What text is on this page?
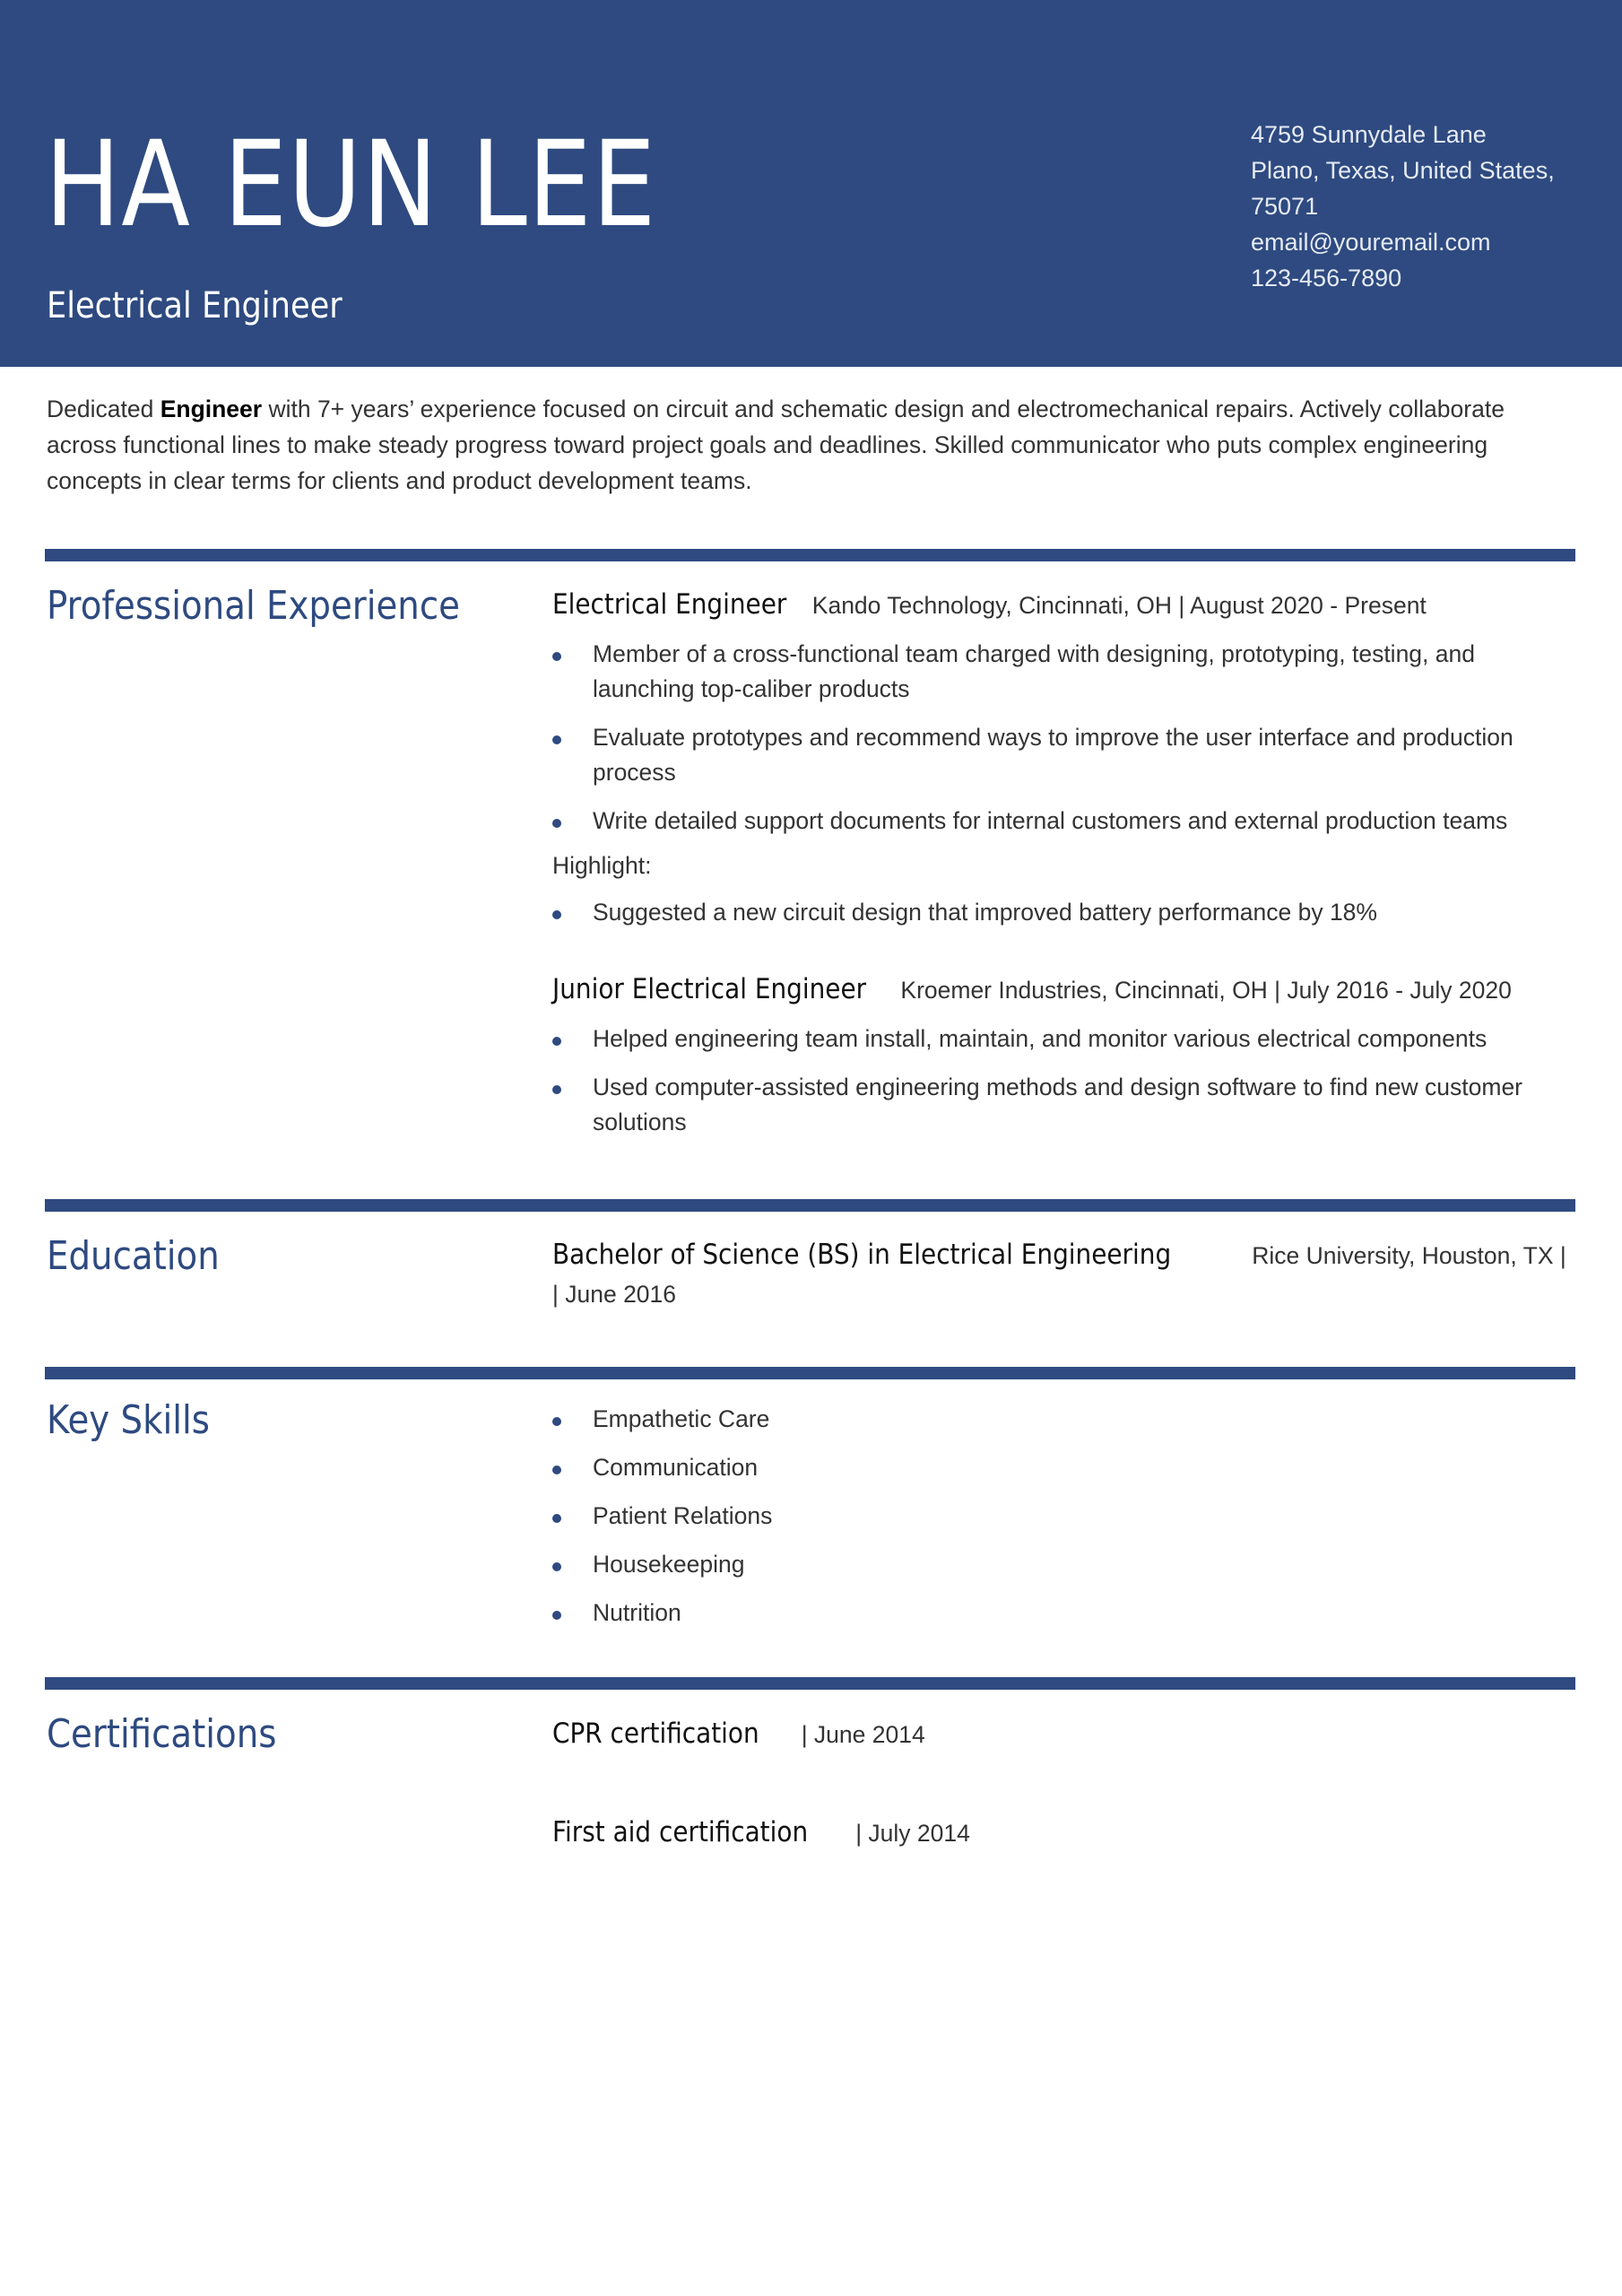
HA EUN LEE
Electrical Engineer
4759 Sunnydale Lane
Plano, Texas, United States,
75071
email@youremail.com
123-456-7890
Dedicated Engineer with 7+ years’ experience focused on circuit and schematic design and electromechanical repairs. Actively collaborate across functional lines to make steady progress toward project goals and deadlines. Skilled communicator who puts complex engineering concepts in clear terms for clients and product development teams.
Professional Experience	Electrical Engineer Kando Technology, Cincinnati, OH | August 2020 - Present
Member of a cross-functional team charged with designing, prototyping, testing, and launching top-caliber products
Evaluate prototypes and recommend ways to improve the user interface and production process
Write detailed support documents for internal customers and external production teams
Highlight:
Suggested a new circuit design that improved battery performance by 18%
Junior Electrical Engineer Kroemer Industries, Cincinnati, OH | July 2016 - July 2020
Helped engineering team install, maintain, and monitor various electrical components
Used computer-assisted engineering methods and design software to find new customer solutions
Education	Bachelor of Science (BS) in Electrical Engineering	Rice University, Houston, TX | | June 2016
Key Skills	Empathetic Care
Communication
Patient Relations
Housekeeping
Nutrition
Certifications	CPR certification | June 2014
First aid certification | July 2014
